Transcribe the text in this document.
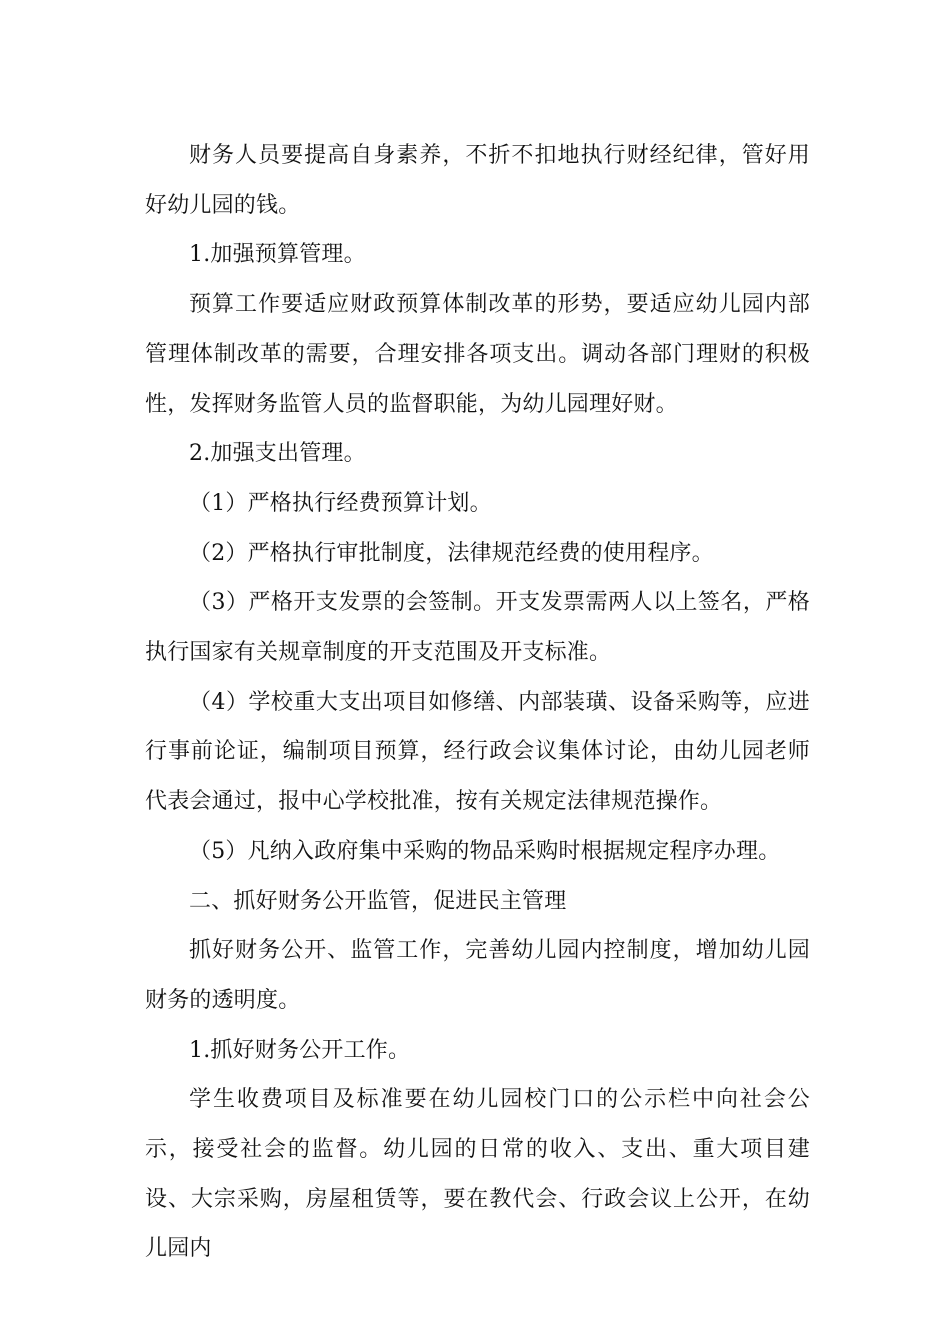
财务人员要提高自身素养，不折不扣地执行财经纪律，管好用好幼儿园的钱。

1.加强预算管理。

预算工作要适应财政预算体制改革的形势，要适应幼儿园内部管理体制改革的需要，合理安排各项支出。调动各部门理财的积极性，发挥财务监管人员的监督职能，为幼儿园理好财。

2.加强支出管理。

（1）严格执行经费预算计划。

（2）严格执行审批制度，法律规范经费的使用程序。

（3）严格开支发票的会签制。开支发票需两人以上签名，严格执行国家有关规章制度的开支范围及开支标准。

（4）学校重大支出项目如修缮、内部装璜、设备采购等，应进行事前论证，编制项目预算，经行政会议集体讨论，由幼儿园老师代表会通过，报中心学校批准，按有关规定法律规范操作。

（5）凡纳入政府集中采购的物品采购时根据规定程序办理。

二、抓好财务公开监管，促进民主管理

抓好财务公开、监管工作，完善幼儿园内控制度，增加幼儿园财务的透明度。

1.抓好财务公开工作。

学生收费项目及标准要在幼儿园校门口的公示栏中向社会公示，接受社会的监督。幼儿园的日常的收入、支出、重大项目建设、大宗采购，房屋租赁等，要在教代会、行政会议上公开，在幼儿园内
